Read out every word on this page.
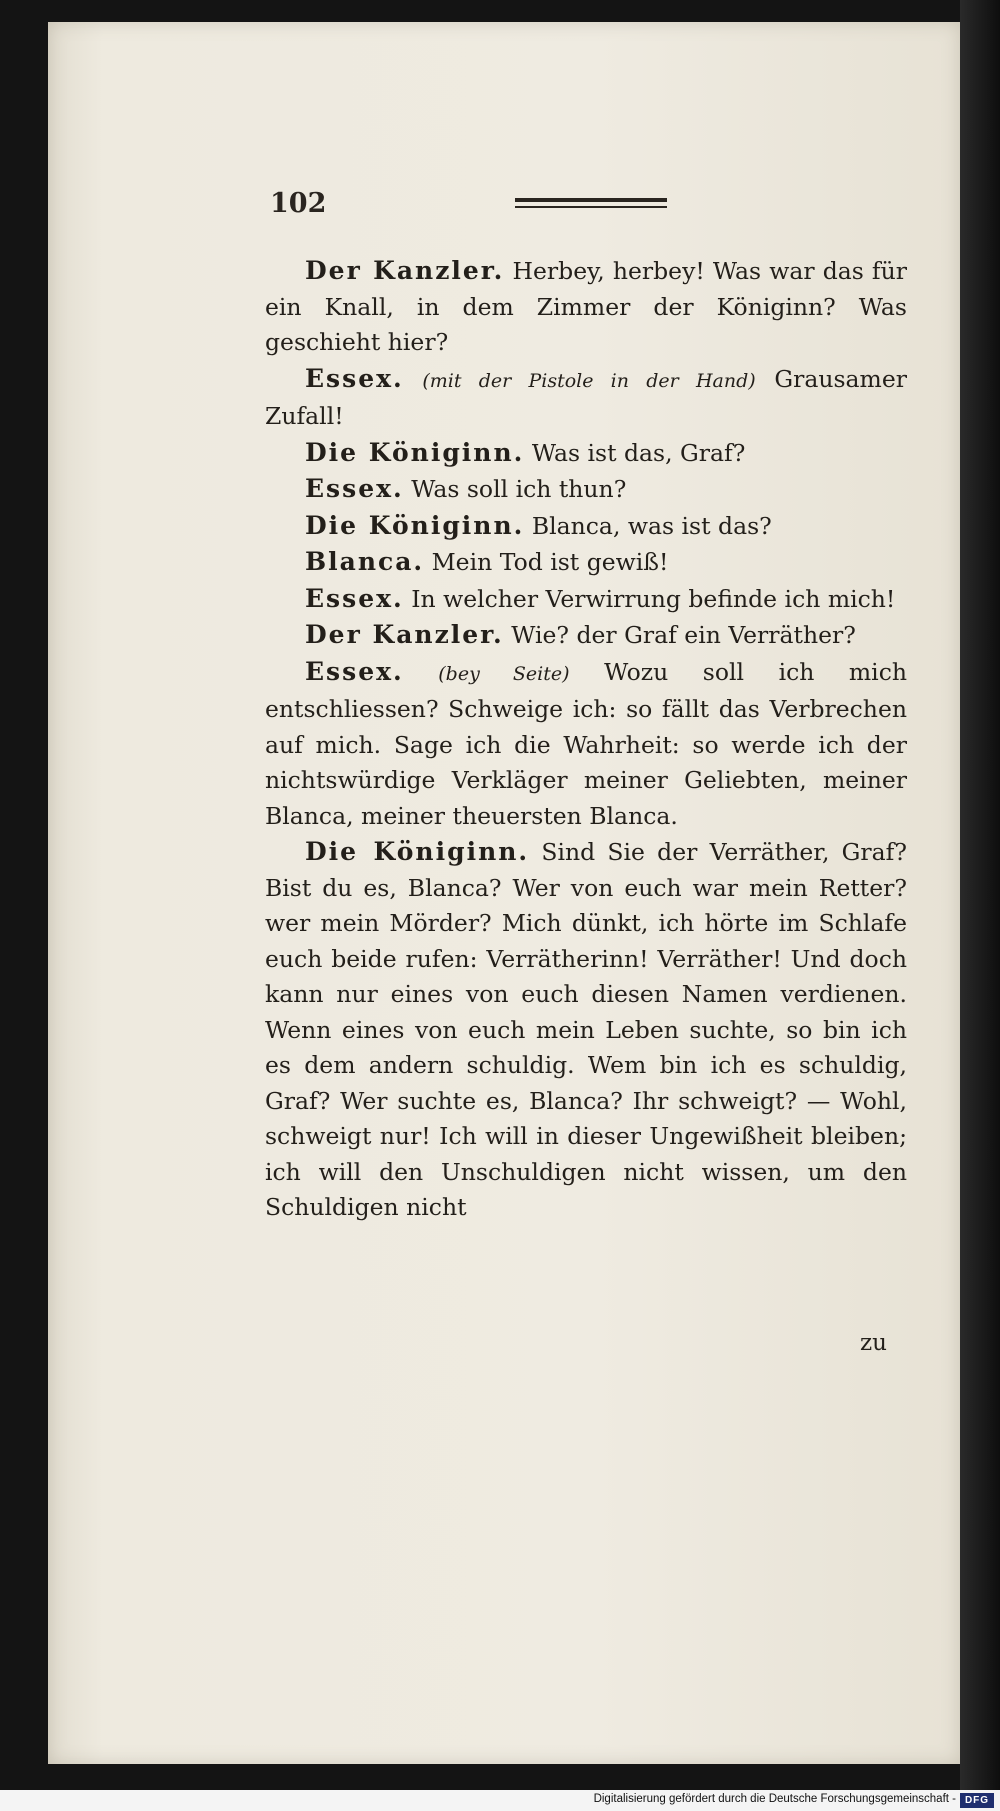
102

Der Kanzler. Herbey, herbey! Was war das für ein Knall, in dem Zimmer der Königinn? Was geschieht hier?

Essex. (mit der Pistole in der Hand) Grausamer Zufall!

Die Königinn. Was ist das, Graf?

Essex. Was soll ich thun?

Die Königinn. Blanca, was ist das?

Blanca. Mein Tod ist gewiß!

Essex. In welcher Verwirrung befinde ich mich!

Der Kanzler. Wie? der Graf ein Verräther?

Essex. (bey Seite) Wozu soll ich mich entschliessen? Schweige ich: so fällt das Verbrechen auf mich. Sage ich die Wahrheit: so werde ich der nichtswürdige Verkläger meiner Geliebten, meiner Blanca, meiner theuersten Blanca.

Die Königinn. Sind Sie der Verräther, Graf? Bist du es, Blanca? Wer von euch war mein Retter? wer mein Mörder? Mich dünkt, ich hörte im Schlafe euch beide rufen: Verrätherinn! Verräther! Und doch kann nur eines von euch diesen Namen verdienen. Wenn eines von euch mein Leben suchte, so bin ich es dem andern schuldig. Wem bin ich es schuldig, Graf? Wer suchte es, Blanca? Ihr schweigt? — Wohl, schweigt nur! Ich will in dieser Ungewißheit bleiben; ich will den Unschuldigen nicht wissen, um den Schuldigen nicht

zu
Digitalisierung gefördert durch die Deutsche Forschungsgemeinschaft - DFG
